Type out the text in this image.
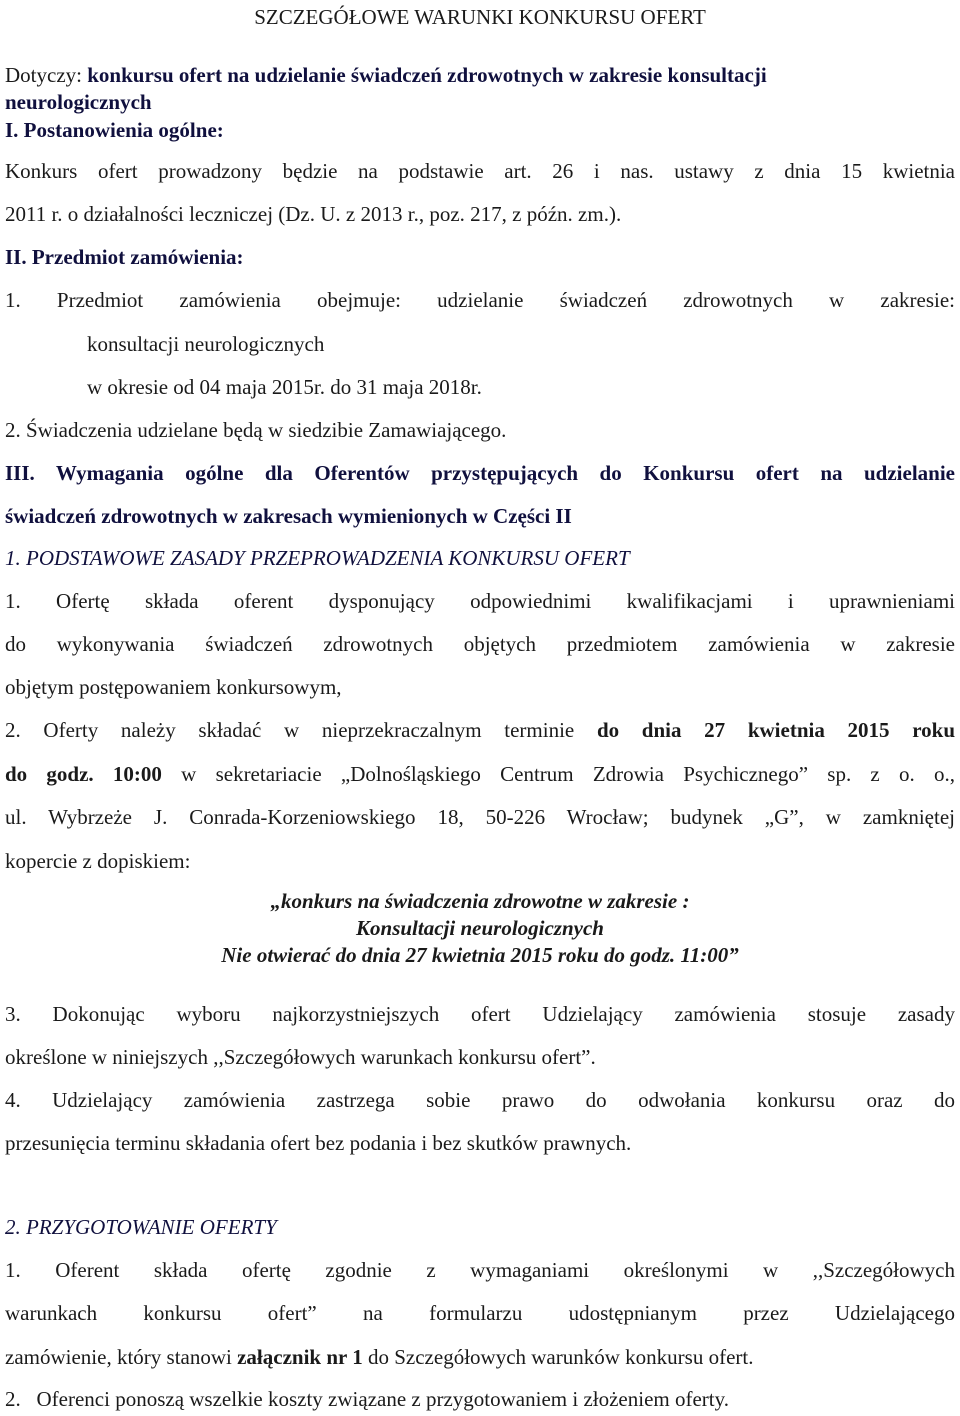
SZCZEGÓŁOWE WARUNKI KONKURSU OFERT
Dotyczy: konkursu ofert na udzielanie świadczeń zdrowotnych w zakresie konsultacji
neurologicznych
I. Postanowienia ogólne:
Konkurs ofert prowadzony będzie na podstawie art. 26 i nas. ustawy z dnia 15 kwietnia
2011 r. o działalności leczniczej (Dz. U. z 2013 r., poz. 217, z późn. zm.).
II. Przedmiot zamówienia:
1. Przedmiot zamówienia obejmuje: udzielanie świadczeń zdrowotnych w zakresie:
konsultacji neurologicznych
w okresie od 04 maja 2015r. do 31 maja 2018r.
2. Świadczenia udzielane będą w siedzibie Zamawiającego.
III. Wymagania ogólne dla Oferentów przystępujących do Konkursu ofert na udzielanie
świadczeń zdrowotnych w zakresach wymienionych w Części II
1. PODSTAWOWE ZASADY PRZEPROWADZENIA KONKURSU OFERT
1. Ofertę składa oferent dysponujący odpowiednimi kwalifikacjami i uprawnieniami
do wykonywania świadczeń zdrowotnych objętych przedmiotem zamówienia w zakresie
objętym postępowaniem konkursowym,
2. Oferty należy składać w nieprzekraczalnym terminie do dnia 27 kwietnia 2015 roku
do godz. 10:00 w sekretariacie „Dolnośląskiego Centrum Zdrowia Psychicznego” sp. z o. o.,
ul. Wybrzeże J. Conrada-Korzeniowskiego 18, 50-226 Wrocław; budynek „G”, w zamkniętej
kopercie z dopiskiem:
„konkurs na świadczenia zdrowotne w zakresie :
Konsultacji neurologicznych
Nie otwierać do dnia 27 kwietnia 2015 roku do godz. 11:00”
3. Dokonując wyboru najkorzystniejszych ofert Udzielający zamówienia stosuje zasady
określone w niniejszych ,,Szczegółowych warunkach konkursu ofert”.
4. Udzielający zamówienia zastrzega sobie prawo do odwołania konkursu oraz do
przesunięcia terminu składania ofert bez podania i bez skutków prawnych.
2. PRZYGOTOWANIE OFERTY
1. Oferent składa ofertę zgodnie z wymaganiami określonymi w ,,Szczegółowych
warunkach konkursu ofert” na formularzu udostępnianym przez Udzielającego
zamówienie, który stanowi załącznik nr 1 do Szczegółowych warunków konkursu ofert.
2.   Oferenci ponoszą wszelkie koszty związane z przygotowaniem i złożeniem oferty.
